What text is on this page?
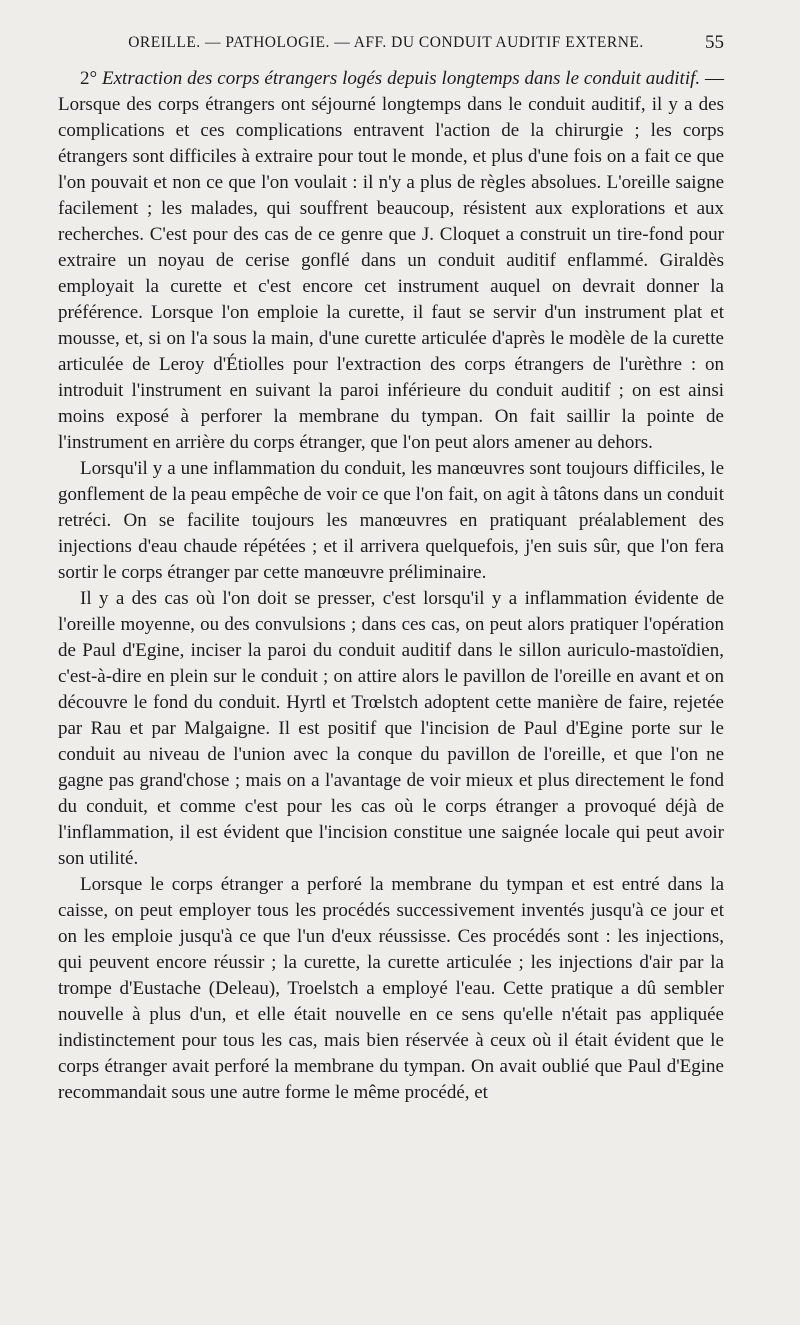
OREILLE. — PATHOLOGIE. — AFF. DU CONDUIT AUDITIF EXTERNE.	55

2° Extraction des corps étrangers logés depuis longtemps dans le conduit auditif. — Lorsque des corps étrangers ont séjourné longtemps dans le conduit auditif, il y a des complications et ces complications entravent l'action de la chirurgie ; les corps étrangers sont difficiles à extraire pour tout le monde, et plus d'une fois on a fait ce que l'on pouvait et non ce que l'on voulait : il n'y a plus de règles absolues. L'oreille saigne facilement ; les malades, qui souffrent beaucoup, résistent aux explorations et aux recherches. C'est pour des cas de ce genre que J. Cloquet a construit un tire-fond pour extraire un noyau de cerise gonflé dans un conduit auditif enflammé. Giraldès employait la curette et c'est encore cet instrument auquel on devrait donner la préférence. Lorsque l'on emploie la curette, il faut se servir d'un instrument plat et mousse, et, si on l'a sous la main, d'une curette articulée d'après le modèle de la curette articulée de Leroy d'Étiolles pour l'extraction des corps étrangers de l'urèthre : on introduit l'instrument en suivant la paroi inférieure du conduit auditif ; on est ainsi moins exposé à perforer la membrane du tympan. On fait saillir la pointe de l'instrument en arrière du corps étranger, que l'on peut alors amener au dehors.

Lorsqu'il y a une inflammation du conduit, les manœuvres sont toujours difficiles, le gonflement de la peau empêche de voir ce que l'on fait, on agit à tâtons dans un conduit retréci. On se facilite toujours les manœuvres en pratiquant préalablement des injections d'eau chaude répétées ; et il arrivera quelquefois, j'en suis sûr, que l'on fera sortir le corps étranger par cette manœuvre préliminaire.

Il y a des cas où l'on doit se presser, c'est lorsqu'il y a inflammation évidente de l'oreille moyenne, ou des convulsions ; dans ces cas, on peut alors pratiquer l'opération de Paul d'Egine, inciser la paroi du conduit auditif dans le sillon auriculo-mastoïdien, c'est-à-dire en plein sur le conduit ; on attire alors le pavillon de l'oreille en avant et on découvre le fond du conduit. Hyrtl et Trœlstch adoptent cette manière de faire, rejetée par Rau et par Malgaigne. Il est positif que l'incision de Paul d'Egine porte sur le conduit au niveau de l'union avec la conque du pavillon de l'oreille, et que l'on ne gagne pas grand'chose ; mais on a l'avantage de voir mieux et plus directement le fond du conduit, et comme c'est pour les cas où le corps étranger a provoqué déjà de l'inflammation, il est évident que l'incision constitue une saignée locale qui peut avoir son utilité.

Lorsque le corps étranger a perforé la membrane du tympan et est entré dans la caisse, on peut employer tous les procédés successivement inventés jusqu'à ce jour et on les emploie jusqu'à ce que l'un d'eux réussisse. Ces procédés sont : les injections, qui peuvent encore réussir ; la curette, la curette articulée ; les injections d'air par la trompe d'Eustache (Deleau), Troelstch a employé l'eau. Cette pratique a dû sembler nouvelle à plus d'un, et elle était nouvelle en ce sens qu'elle n'était pas appliquée indistinctement pour tous les cas, mais bien réservée à ceux où il était évident que le corps étranger avait perforé la membrane du tympan. On avait oublié que Paul d'Egine recommandait sous une autre forme le même procédé, et
